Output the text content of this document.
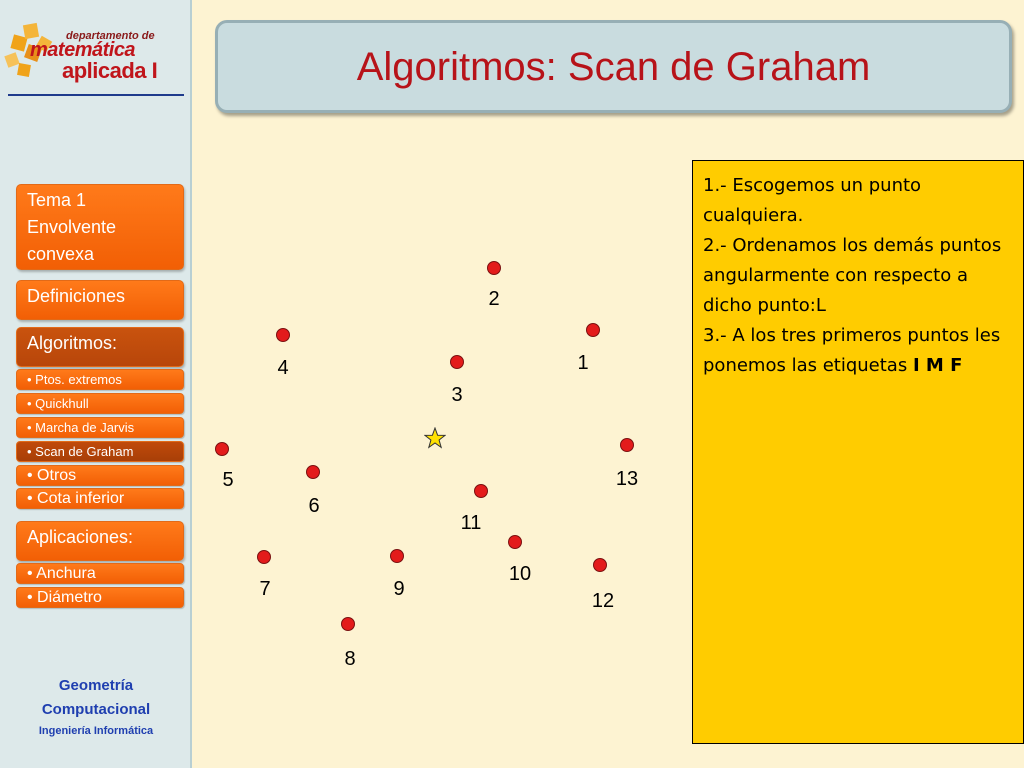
departamento de
matemática
aplicada I
Tema 1
Envolvente convexa
Definiciones
Algoritmos:
• Ptos. extremos
• Quickhull
• Marcha de Jarvis
• Scan de Graham
• Otros
• Cota inferior
Aplicaciones:
• Anchura
• Diámetro
Geometría
Computacional
Ingeniería Informática
Algoritmos: Scan de Graham
1
2
3
4
5
6
7
8
9
10
11
12
13

1.- Escogemos un punto cualquiera.

2.- Ordenamos los demás puntos angularmente con respecto a dicho punto:L

3.- A los tres primeros puntos les ponemos las etiquetas I M F
